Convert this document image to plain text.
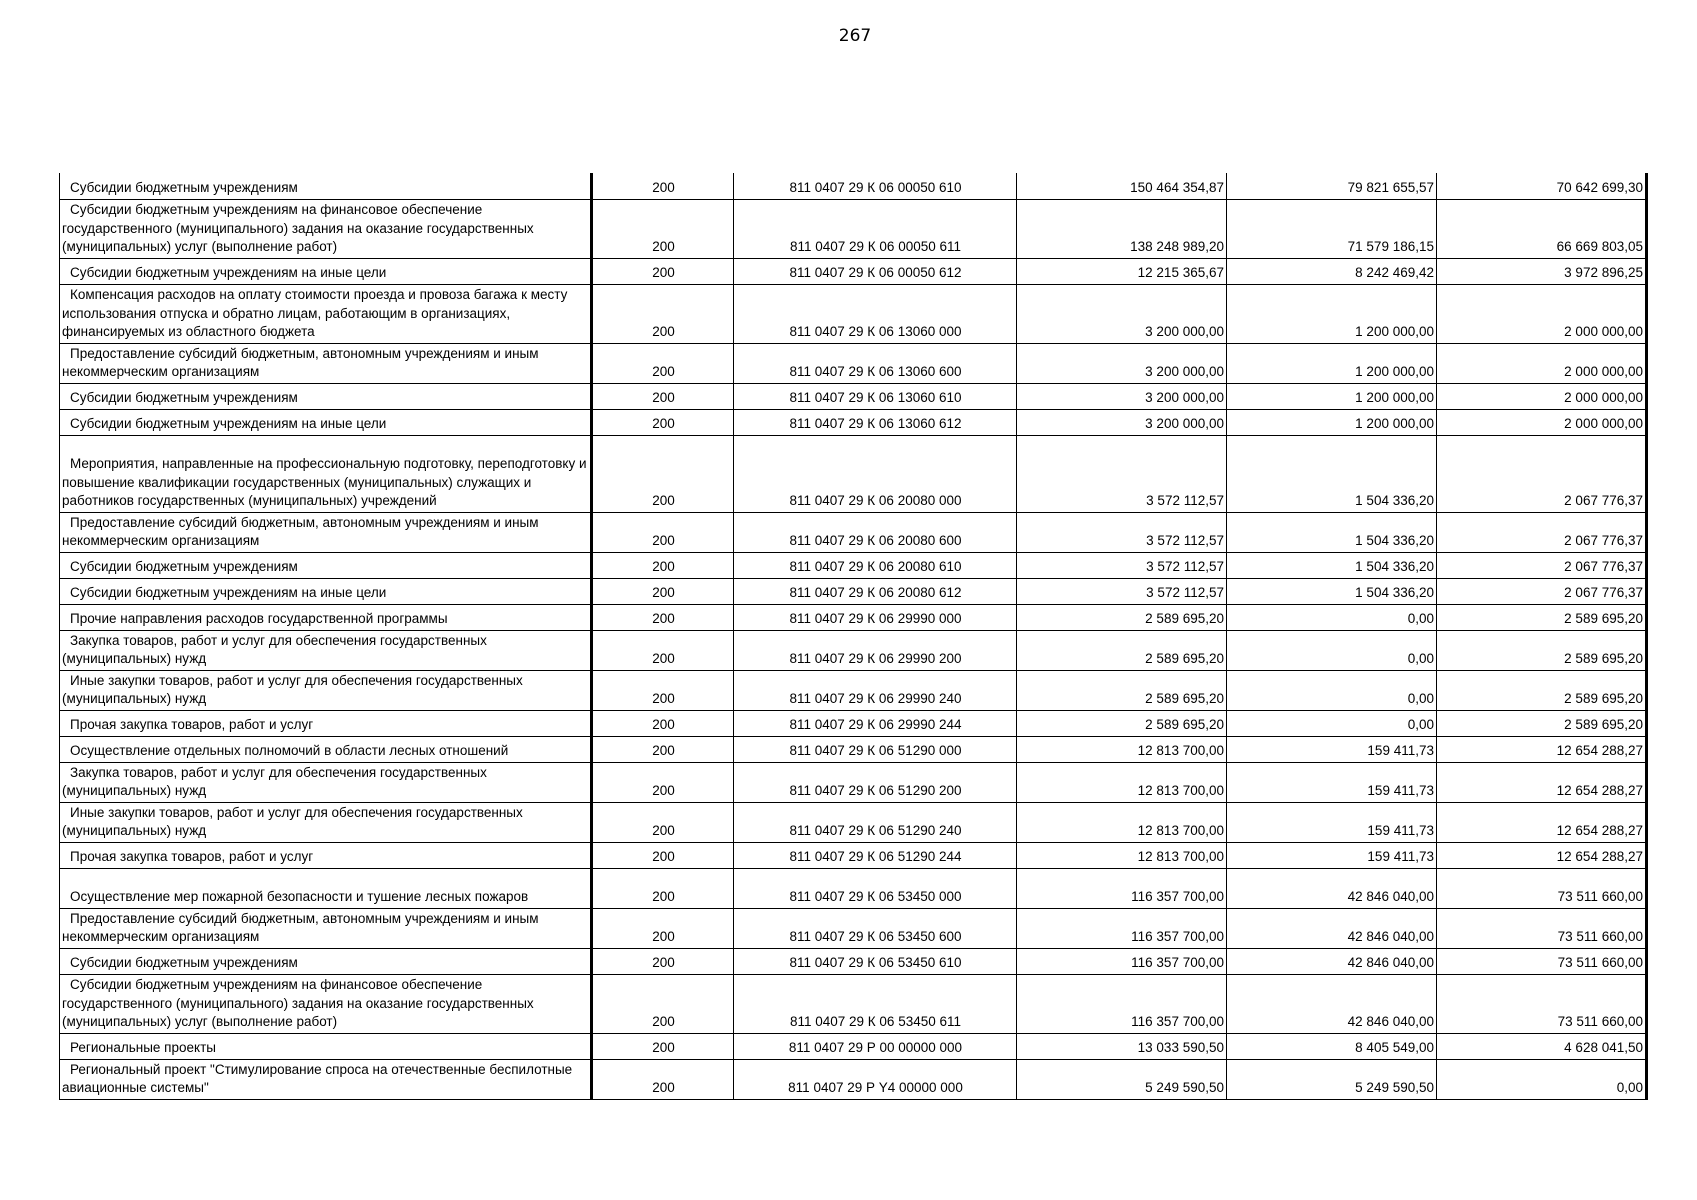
267
Субсидии бюджетным учреждениям	200	811 0407 29 К 06 00050 610	150 464 354,87	79 821 655,57	70 642 699,30

Субсидии бюджетным учреждениям на финансовое обеспечение государственного (муниципального) задания на оказание государственных (муниципальных) услуг (выполнение работ)	200	811 0407 29 К 06 00050 611	138 248 989,20	71 579 186,15	66 669 803,05

Субсидии бюджетным учреждениям на иные цели	200	811 0407 29 К 06 00050 612	12 215 365,67	8 242 469,42	3 972 896,25

Компенсация расходов на оплату стоимости проезда и провоза багажа к месту использования отпуска и обратно лицам, работающим в организациях, финансируемых из областного бюджета	200	811 0407 29 К 06 13060 000	3 200 000,00	1 200 000,00	2 000 000,00

Предоставление субсидий бюджетным, автономным учреждениям и иным некоммерческим организациям	200	811 0407 29 К 06 13060 600	3 200 000,00	1 200 000,00	2 000 000,00

Субсидии бюджетным учреждениям	200	811 0407 29 К 06 13060 610	3 200 000,00	1 200 000,00	2 000 000,00

Субсидии бюджетным учреждениям на иные цели	200	811 0407 29 К 06 13060 612	3 200 000,00	1 200 000,00	2 000 000,00

Мероприятия, направленные на профессиональную подготовку, переподготовку и повышение квалификации государственных (муниципальных) служащих и работников государственных (муниципальных) учреждений	200	811 0407 29 К 06 20080 000	3 572 112,57	1 504 336,20	2 067 776,37

Предоставление субсидий бюджетным, автономным учреждениям и иным некоммерческим организациям	200	811 0407 29 К 06 20080 600	3 572 112,57	1 504 336,20	2 067 776,37

Субсидии бюджетным учреждениям	200	811 0407 29 К 06 20080 610	3 572 112,57	1 504 336,20	2 067 776,37

Субсидии бюджетным учреждениям на иные цели	200	811 0407 29 К 06 20080 612	3 572 112,57	1 504 336,20	2 067 776,37

Прочие направления расходов государственной программы	200	811 0407 29 К 06 29990 000	2 589 695,20	0,00	2 589 695,20

Закупка товаров, работ и услуг для обеспечения государственных (муниципальных) нужд	200	811 0407 29 К 06 29990 200	2 589 695,20	0,00	2 589 695,20

Иные закупки товаров, работ и услуг для обеспечения государственных (муниципальных) нужд	200	811 0407 29 К 06 29990 240	2 589 695,20	0,00	2 589 695,20

Прочая закупка товаров, работ и услуг	200	811 0407 29 К 06 29990 244	2 589 695,20	0,00	2 589 695,20

Осуществление отдельных полномочий в области лесных отношений	200	811 0407 29 К 06 51290 000	12 813 700,00	159 411,73	12 654 288,27

Закупка товаров, работ и услуг для обеспечения государственных (муниципальных) нужд	200	811 0407 29 К 06 51290 200	12 813 700,00	159 411,73	12 654 288,27

Иные закупки товаров, работ и услуг для обеспечения государственных (муниципальных) нужд	200	811 0407 29 К 06 51290 240	12 813 700,00	159 411,73	12 654 288,27

Прочая закупка товаров, работ и услуг	200	811 0407 29 К 06 51290 244	12 813 700,00	159 411,73	12 654 288,27

Осуществление мер пожарной безопасности и тушение лесных пожаров	200	811 0407 29 К 06 53450 000	116 357 700,00	42 846 040,00	73 511 660,00

Предоставление субсидий бюджетным, автономным учреждениям и иным некоммерческим организациям	200	811 0407 29 К 06 53450 600	116 357 700,00	42 846 040,00	73 511 660,00

Субсидии бюджетным учреждениям	200	811 0407 29 К 06 53450 610	116 357 700,00	42 846 040,00	73 511 660,00

Субсидии бюджетным учреждениям на финансовое обеспечение государственного (муниципального) задания на оказание государственных (муниципальных) услуг (выполнение работ)	200	811 0407 29 К 06 53450 611	116 357 700,00	42 846 040,00	73 511 660,00

Региональные проекты	200	811 0407 29 Р 00 00000 000	13 033 590,50	8 405 549,00	4 628 041,50

Региональный проект "Стимулирование спроса на отечественные беспилотные авиационные системы"	200	811 0407 29 Р Y4 00000 000	5 249 590,50	5 249 590,50	0,00
